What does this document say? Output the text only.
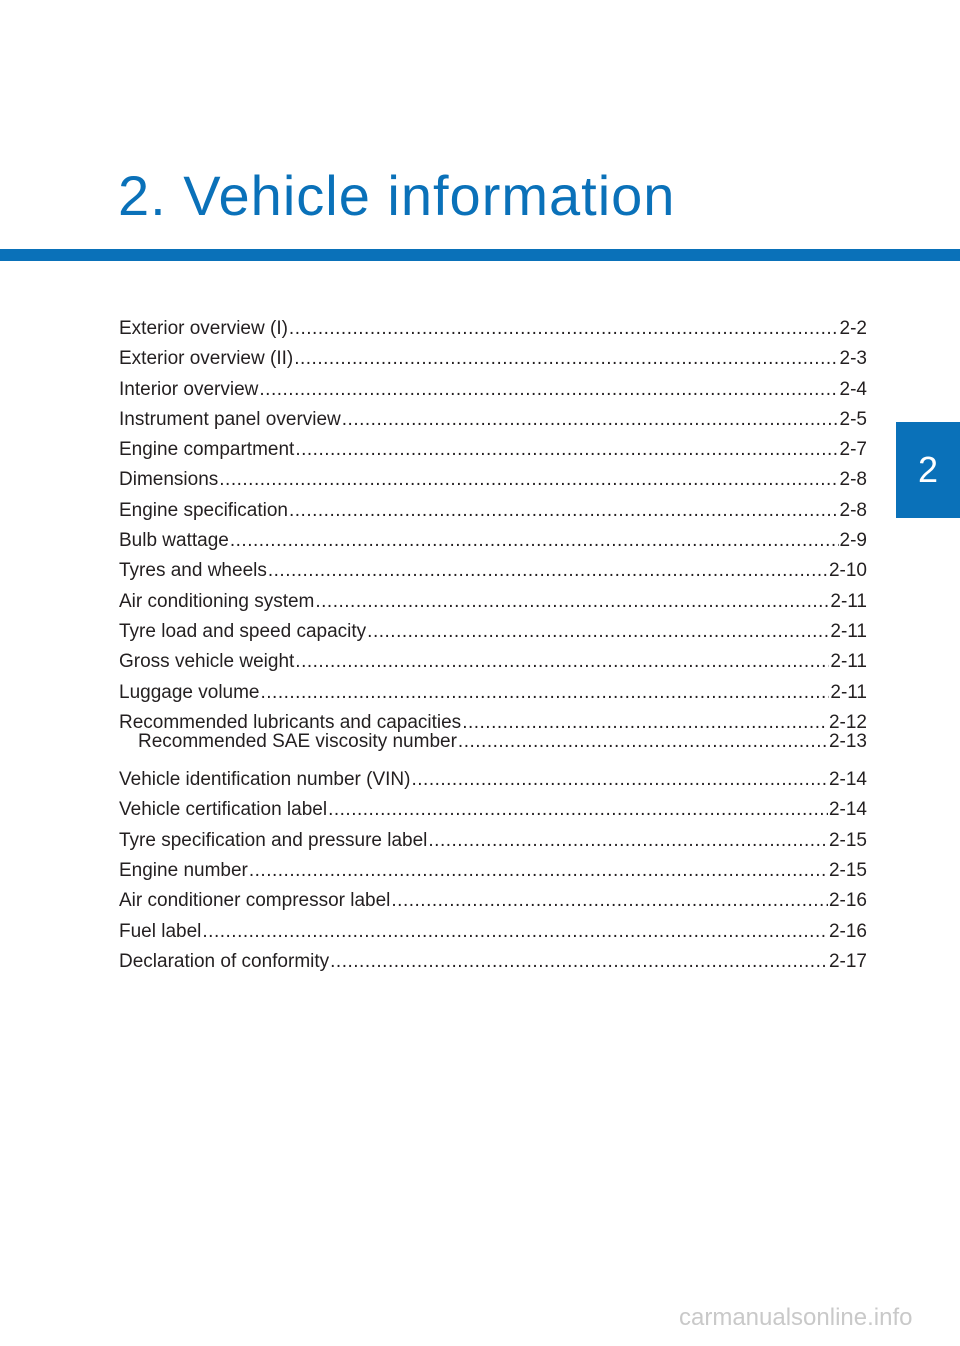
2. Vehicle information
Exterior overview (I) .....	2-2
Exterior overview (II) .....	2-3
Interior overview .....	2-4
Instrument panel overview .....	2-5
Engine compartment .....	2-7
Dimensions .....	2-8
Engine specification .....	2-8
Bulb wattage .....	2-9
Tyres and wheels .....	2-10
Air conditioning system .....	2-11
Tyre load and speed capacity .....	2-11
Gross vehicle weight .....	2-11
Luggage volume .....	2-11
Recommended lubricants and capacities .....	2-12
Recommended SAE viscosity number .....	2-13
Vehicle identification number (VIN) .....	2-14
Vehicle certification label .....	2-14
Tyre specification and pressure label .....	2-15
Engine number .....	2-15
Air conditioner compressor label .....	2-16
Fuel label .....	2-16
Declaration of conformity .....	2-17
2
carmanualsonline.info
